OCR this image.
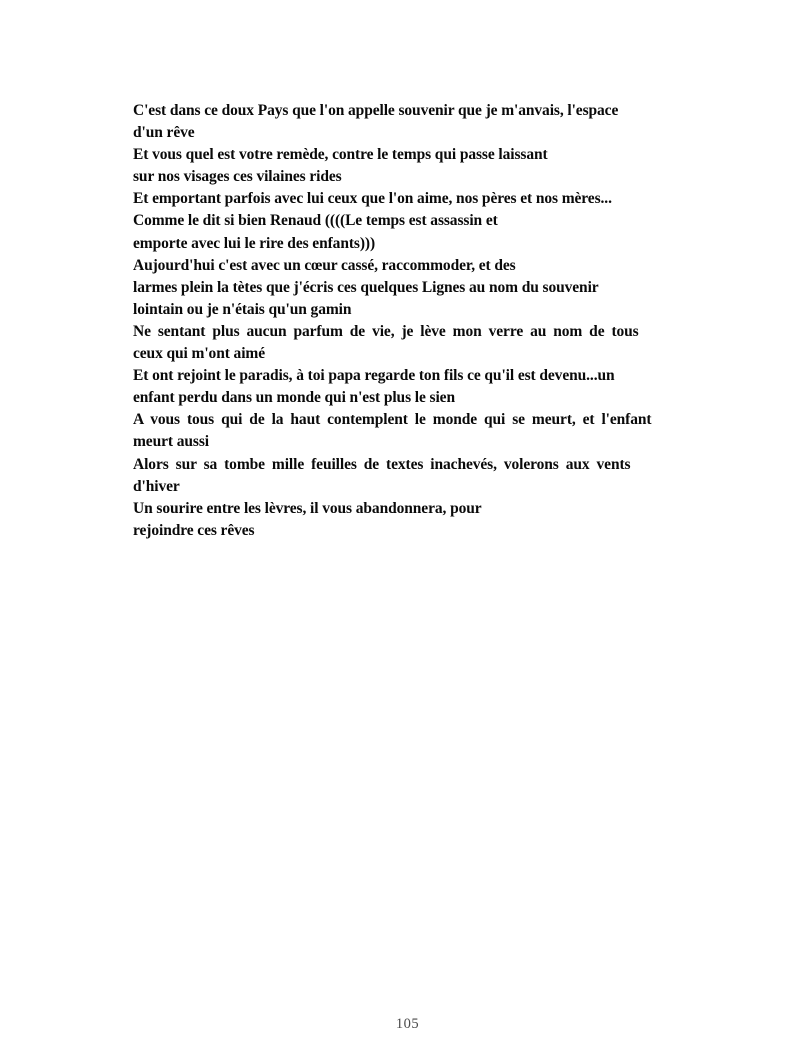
C'est dans ce doux Pays que l'on appelle souvenir que je m'anvais, l'espace
d'un rêve
Et vous quel est votre remède, contre le temps qui passe laissant
sur nos visages ces vilaines rides
Et emportant parfois avec lui ceux que l'on aime, nos pères et nos mères...
Comme le dit si bien Renaud ((((Le temps est assassin et
emporte avec lui le rire des enfants)))
Aujourd'hui c'est avec un cœur cassé, raccommoder, et des
larmes plein la tètes que j'écris ces quelques Lignes au nom du souvenir
lointain ou je n'étais qu'un gamin
Ne sentant plus aucun parfum de vie, je lève mon verre au nom de tous
ceux qui m'ont aimé
Et ont rejoint le paradis, à toi papa regarde ton fils ce qu'il est devenu...un
enfant perdu dans un monde qui n'est plus le sien
A vous tous qui de la haut contemplent le monde qui se meurt, et l'enfant
meurt aussi
Alors sur sa tombe mille feuilles de textes inachevés, volerons aux vents
d'hiver
Un sourire entre les lèvres, il vous abandonnera, pour
rejoindre ces rêves
105
